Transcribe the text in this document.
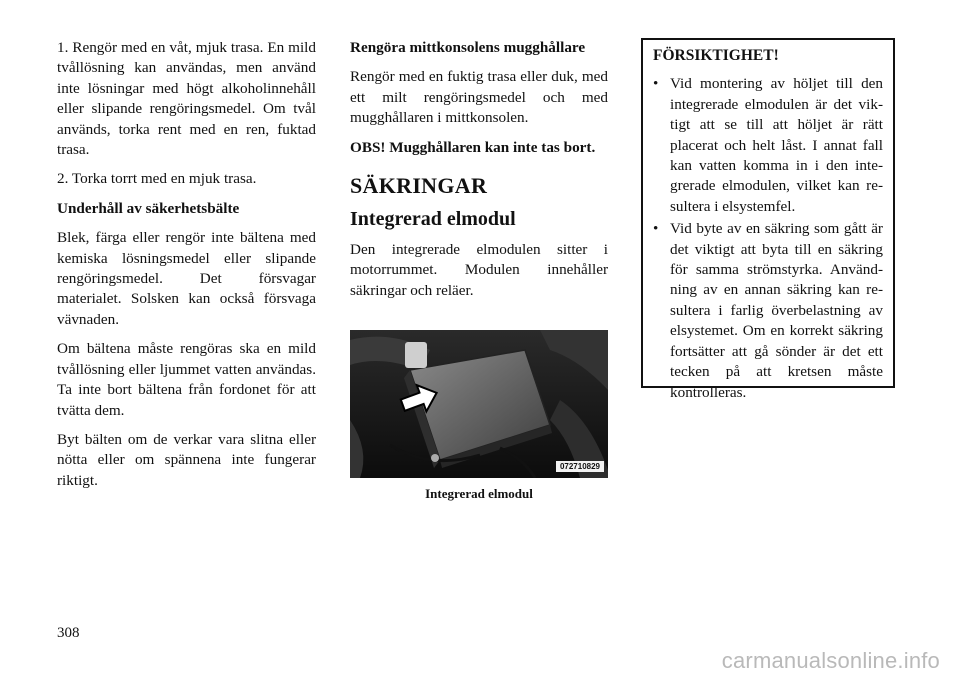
1. Rengör med en våt, mjuk trasa. En mild tvållösning kan användas, men använd inte lösningar med högt alkoholinnehåll eller slipande rengöringsmedel. Om tvål används, torka rent med en ren, fuktad trasa.

2. Torka torrt med en mjuk trasa.

Underhåll av säkerhetsbälte

Blek, färga eller rengör inte bältena med kemiska lösningsmedel eller slipande rengöringsmedel. Det försvagar materialet. Solsken kan också försvaga vävnaden.

Om bältena måste rengöras ska en mild tvållösning eller ljummet vatten användas. Ta inte bort bältena från fordonet för att tvätta dem.

Byt bälten om de verkar vara slitna eller nötta eller om spännena inte fungerar riktigt.

Rengöra mittkonsolens mugghållare

Rengör med en fuktig trasa eller duk, med ett milt rengöringsmedel och med mugghållaren i mittkonsolen.

OBS! Mugghållaren kan inte tas bort.

SÄKRINGAR
Integrerad elmodul

Den integrerade elmodulen sitter i motorrummet. Modulen innehåller säkringar och reläer.

072710829
Integrerad elmodul
FÖRSIKTIGHET!
• Vid montering av höljet till den integrerade elmodulen är det viktigt att se till att höljet är rätt placerat och helt låst. I annat fall kan vatten komma in i den integrerade elmodulen, vilket kan resultera i elsystemfel.
• Vid byte av en säkring som gått är det viktigt att byta till en säkring för samma strömstyrka. Användning av en annan säkring kan resultera i farlig överbelastning av elsystemet. Om en korrekt säkring fortsätter att gå sönder är det ett tecken på att kretsen måste kontrolleras.
308
carmanualsonline.info
